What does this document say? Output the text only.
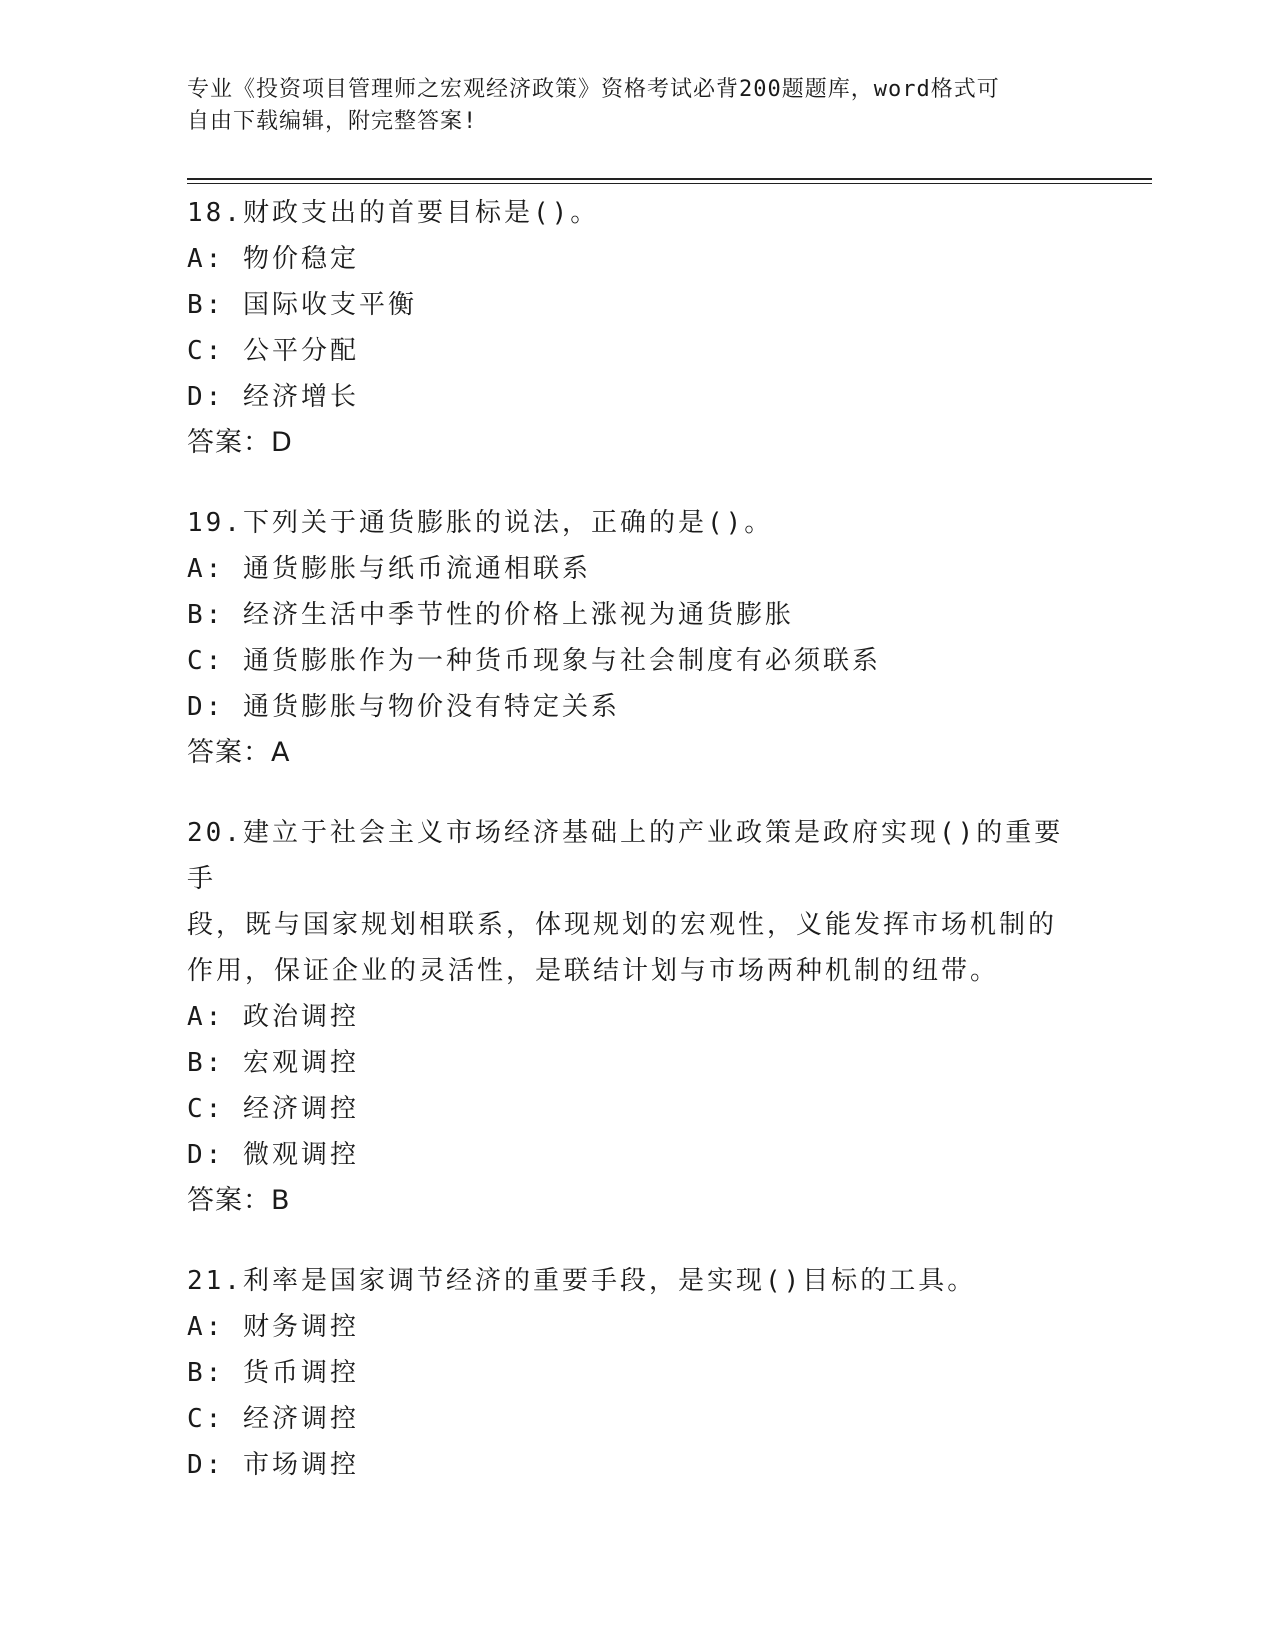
专业《投资项目管理师之宏观经济政策》资格考试必背200题题库，word格式可
自由下载编辑，附完整答案!

18.财政支出的首要目标是()。

A: 物价稳定

B: 国际收支平衡

C: 公平分配

D: 经济增长

答案：D

19.下列关于通货膨胀的说法，正确的是()。

A: 通货膨胀与纸币流通相联系

B: 经济生活中季节性的价格上涨视为通货膨胀

C: 通货膨胀作为一种货币现象与社会制度有必须联系

D: 通货膨胀与物价没有特定关系

答案：A

20.建立于社会主义市场经济基础上的产业政策是政府实现()的重要手

段，既与国家规划相联系，体现规划的宏观性，义能发挥市场机制的

作用，保证企业的灵活性，是联结计划与市场两种机制的纽带。

A: 政治调控

B: 宏观调控

C: 经济调控

D: 微观调控

答案：B

21.利率是国家调节经济的重要手段，是实现()目标的工具。

A: 财务调控

B: 货币调控

C: 经济调控

D: 市场调控
